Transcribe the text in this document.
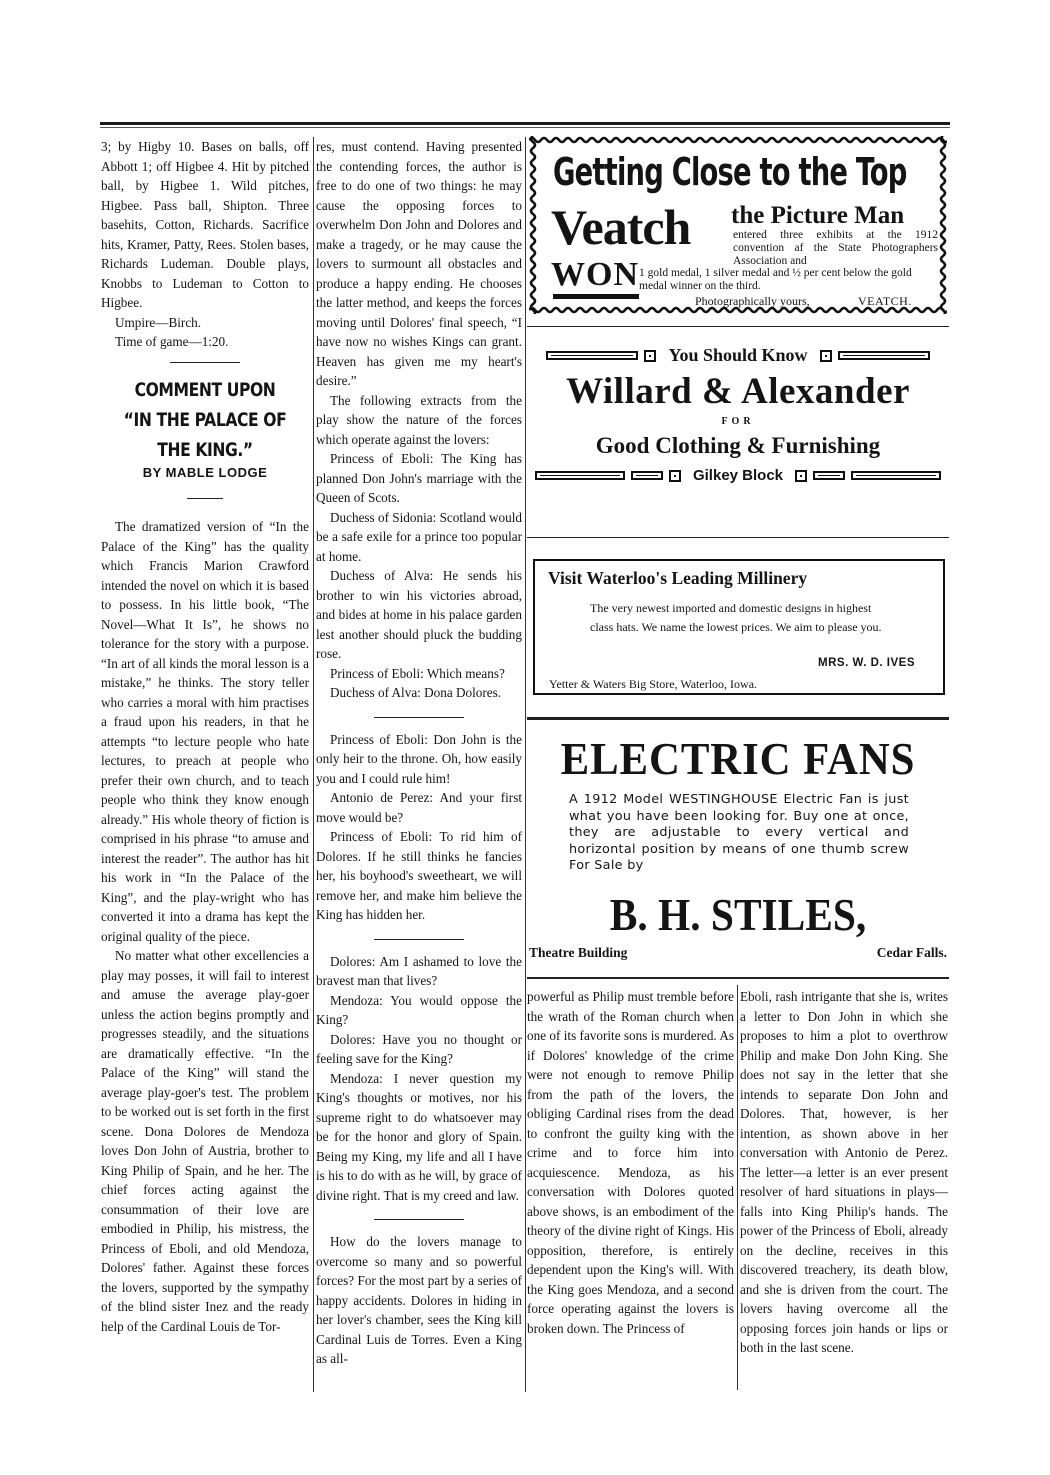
3; by Higby 10. Bases on balls, off Abbott 1; off Higbee 4. Hit by pitched ball, by Higbee 1. Wild pitches, Higbee. Pass ball, Shipton. Three basehits, Cotton, Richards. Sacrifice hits, Kramer, Patty, Rees. Stolen bases, Richards Ludeman. Double plays, Knobbs to Ludeman to Cotton to Higbee.

Umpire—Birch.

Time of game—1:20.

COMMENT UPON “IN THE PALACE OF THE KING.”
BY MABLE LODGE

The dramatized version of “In the Palace of the King” has the quality which Francis Marion Crawford intended the novel on which it is based to possess. In his little book, “The Novel—What It Is”, he shows no tolerance for the story with a purpose. “In art of all kinds the moral lesson is a mistake,” he thinks. The story teller who carries a moral with him practises a fraud upon his readers, in that he attempts “to lecture people who hate lectures, to preach at people who prefer their own church, and to teach people who think they know enough already.” His whole theory of fiction is comprised in his phrase “to amuse and interest the reader”. The author has hit his work in “In the Palace of the King”, and the play-wright who has converted it into a drama has kept the original quality of the piece.

No matter what other excellencies a play may posses, it will fail to interest and amuse the average play-goer unless the action begins promptly and progresses steadily, and the situations are dramatically effective. “In the Palace of the King” will stand the average play-goer's test. The problem to be worked out is set forth in the first scene. Dona Dolores de Mendoza loves Don John of Austria, brother to King Philip of Spain, and he her. The chief forces acting against the consummation of their love are embodied in Philip, his mistress, the Princess of Eboli, and old Mendoza, Dolores' father. Against these forces the lovers, supported by the sympathy of the blind sister Inez and the ready help of the Cardinal Louis de Tor-

res, must contend. Having presented the contending forces, the author is free to do one of two things: he may cause the opposing forces to overwhelm Don John and Dolores and make a tragedy, or he may cause the lovers to surmount all obstacles and produce a happy ending. He chooses the latter method, and keeps the forces moving until Dolores' final speech, “I have now no wishes Kings can grant. Heaven has given me my heart's desire.”

The following extracts from the play show the nature of the forces which operate against the lovers:

Princess of Eboli: The King has planned Don John's marriage with the Queen of Scots.

Duchess of Sidonia: Scotland would be a safe exile for a prince too popular at home.

Duchess of Alva: He sends his brother to win his victories abroad, and bides at home in his palace garden lest another should pluck the budding rose.

Princess of Eboli: Which means?

Duchess of Alva: Dona Dolores.

Princess of Eboli: Don John is the only heir to the throne. Oh, how easily you and I could rule him!

Antonio de Perez: And your first move would be?

Princess of Eboli: To rid him of Dolores. If he still thinks he fancies her, his boyhood's sweetheart, we will remove her, and make him believe the King has hidden her.

Dolores: Am I ashamed to love the bravest man that lives?

Mendoza: You would oppose the King?

Dolores: Have you no thought or feeling save for the King?

Mendoza: I never question my King's thoughts or motives, nor his supreme right to do whatsoever may be for the honor and glory of Spain. Being my King, my life and all I have is his to do with as he will, by grace of divine right. That is my creed and law.

How do the lovers manage to overcome so many and so powerful forces? For the most part by a series of happy accidents. Dolores in hiding in her lover's chamber, sees the King kill Cardinal Luis de Torres. Even a King as all-

Getting Close to the Top
Veatch the Picture Man
entered three exhibits at the 1912 convention af the State Photographers Association and
WON 1 gold medal, 1 silver medal and ½ per cent below the gold medal winner on the third.
Photographically yours,	VEATCH.
You Should Know
Willard & Alexander
FOR
Good Clothing & Furnishing
Gilkey Block
Visit Waterloo's Leading Millinery
The very newest imported and domestic designs in highest class hats. We name the lowest prices. We aim to please you.
MRS. W. D. IVES
Yetter & Waters Big Store, Waterloo, Iowa.
ELECTRIC FANS
A 1912 Model WESTINGHOUSE Electric Fan is just what you have been looking for. Buy one at once, they are adjustable to every vertical and horizontal position by means of one thumb screw For Sale by
B. H. STILES,
Theatre Building	Cedar Falls.

powerful as Philip must tremble before the wrath of the Roman church when one of its favorite sons is murdered. As if Dolores' knowledge of the crime were not enough to remove Philip from the path of the lovers, the obliging Cardinal rises from the dead to confront the guilty king with the crime and to force him into acquiescence. Mendoza, as his conversation with Dolores quoted above shows, is an embodiment of the theory of the divine right of Kings. His opposition, therefore, is entirely dependent upon the King's will. With the King goes Mendoza, and a second force operating against the lovers is broken down. The Princess of

Eboli, rash intrigante that she is, writes a letter to Don John in which she proposes to him a plot to overthrow Philip and make Don John King. She does not say in the letter that she intends to separate Don John and Dolores. That, however, is her intention, as shown above in her conversation with Antonio de Perez. The letter—a letter is an ever present resolver of hard situations in plays—falls into King Philip's hands. The power of the Princess of Eboli, already on the decline, receives in this discovered treachery, its death blow, and she is driven from the court. The lovers having overcome all the opposing forces join hands or lips or both in the last scene.
